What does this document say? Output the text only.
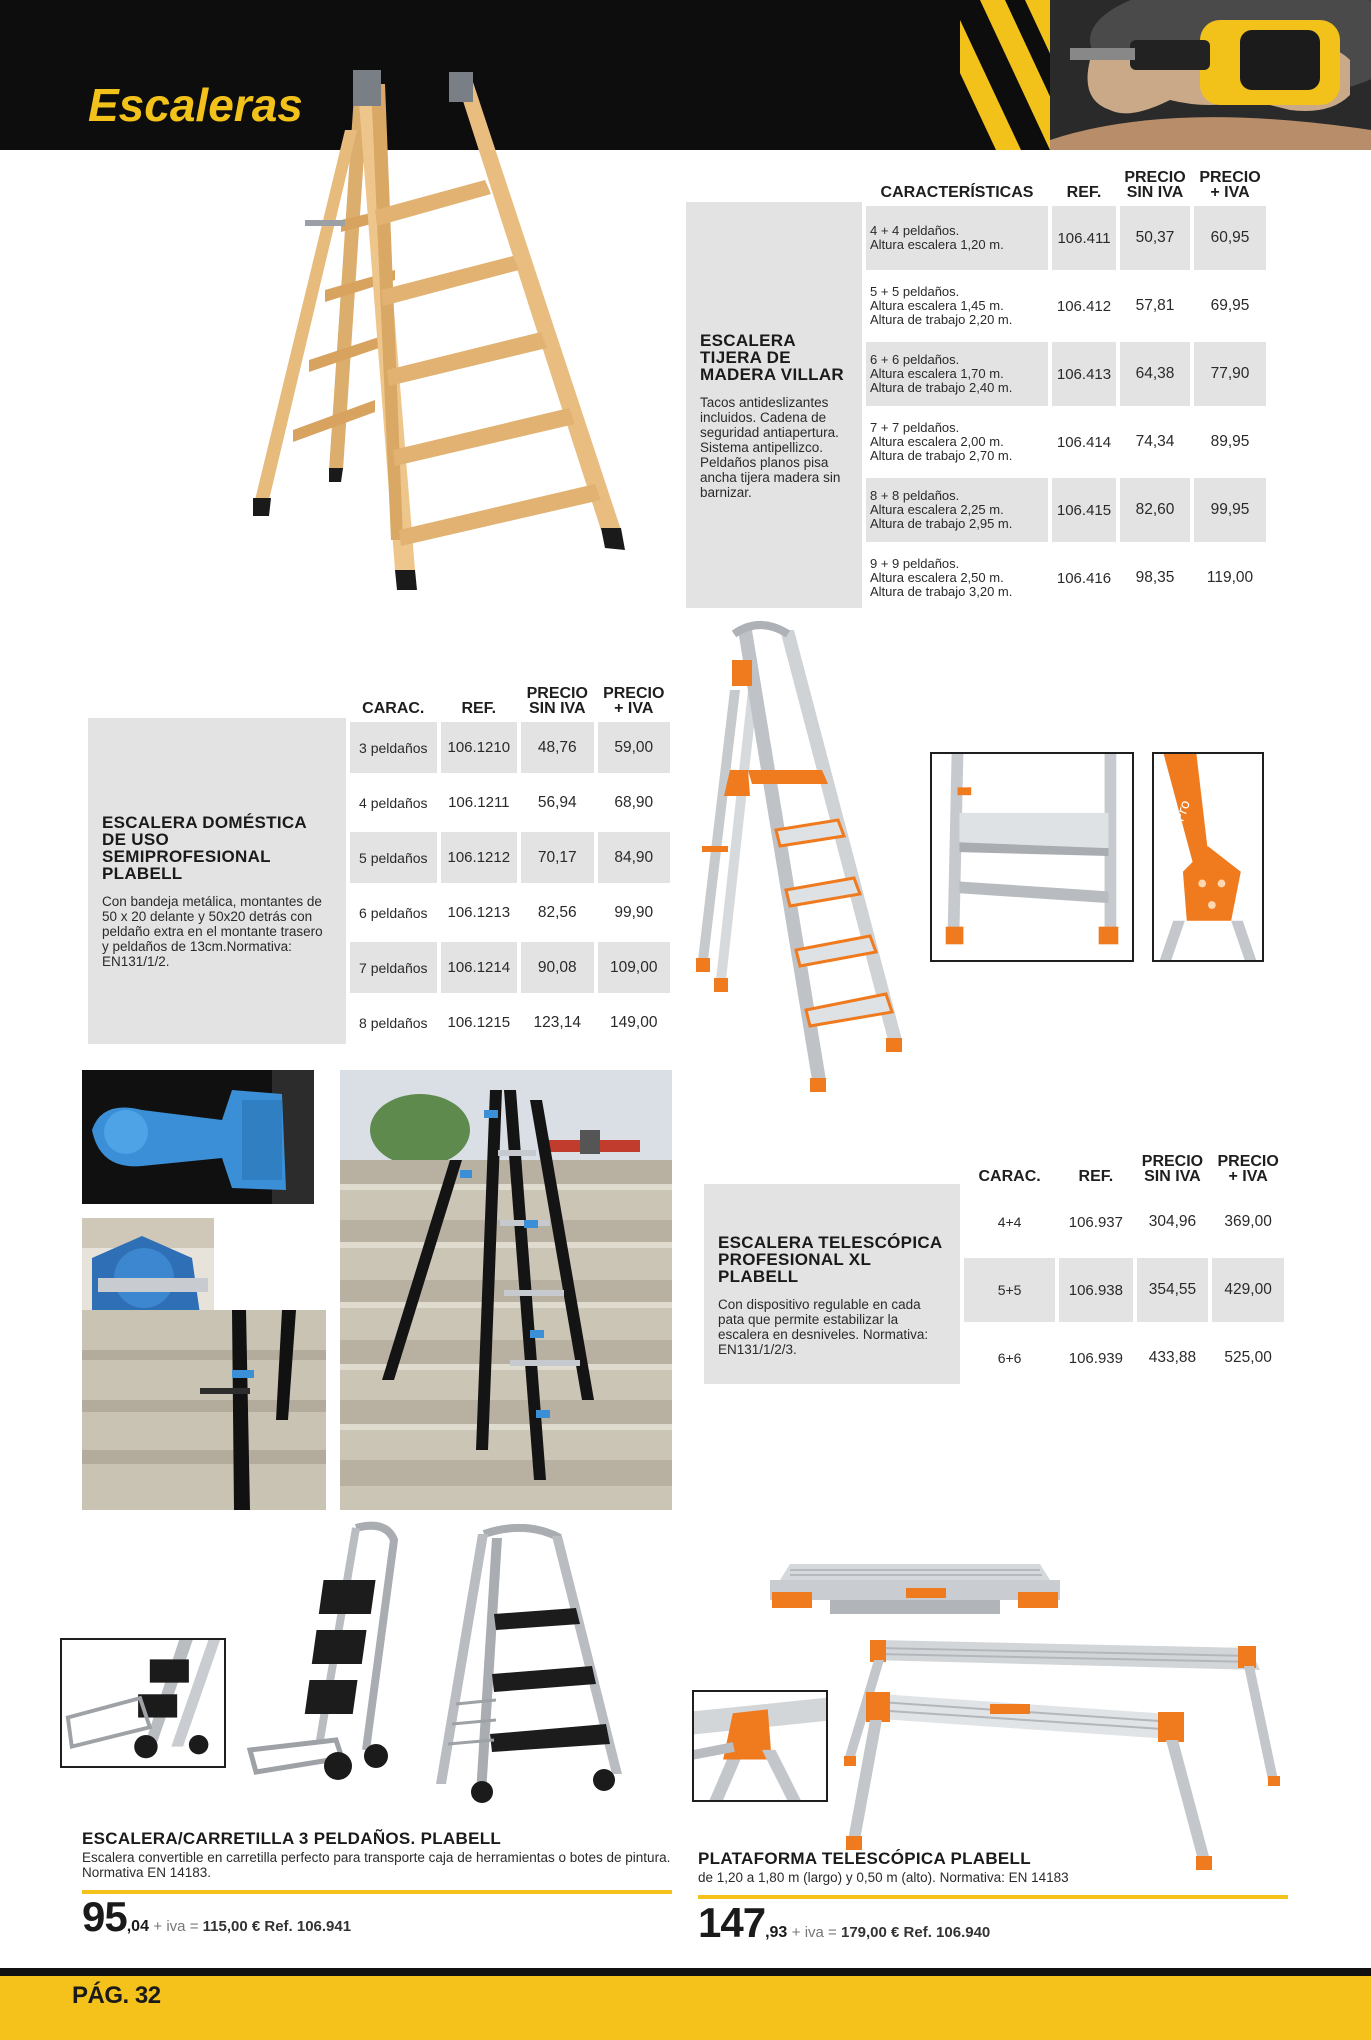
Escaleras
ESCALERA TIJERA DE MADERA VILLAR
Tacos antideslizantes incluidos. Cadena de seguridad antiapertura. Sistema antipellizco. Peldaños planos pisa ancha tijera madera sin barnizar.
CARACTERÍSTICAS	REF.	PRECIO SIN IVA	PRECIO + IVA
4 + 4 peldaños.
Altura escalera 1,20 m.	106.411	50,37	60,95
5 + 5 peldaños.
Altura escalera 1,45 m.
Altura de trabajo 2,20 m.	106.412	57,81	69,95
6 + 6 peldaños.
Altura escalera 1,70 m.
Altura de trabajo 2,40 m.	106.413	64,38	77,90
7 + 7 peldaños.
Altura escalera 2,00 m.
Altura de trabajo 2,70 m.	106.414	74,34	89,95
8 + 8 peldaños.
Altura escalera 2,25 m.
Altura de trabajo 2,95 m.	106.415	82,60	99,95
9 + 9 peldaños.
Altura escalera 2,50 m.
Altura de trabajo 3,20 m.	106.416	98,35	119,00
ESCALERA DOMÉSTICA DE USO SEMIPROFESIONAL PLABELL
Con bandeja metálica, montantes de 50 x 20 delante y 50x20 detrás con peldaño extra en el montante trasero y peldaños de 13cm.Normativa: EN131/1/2.
CARAC.	REF.	PRECIO SIN IVA	PRECIO + IVA
3 peldaños	106.1210	48,76	59,00
4 peldaños	106.1211	56,94	68,90
5 peldaños	106.1212	70,17	84,90
6 peldaños	106.1213	82,56	99,90
7 peldaños	106.1214	90,08	109,00
8 peldaños	106.1215	123,14	149,00
Pro
ESCALERA TELESCÓPICA PROFESIONAL XL PLABELL
Con dispositivo regulable en cada pata que permite estabilizar la escalera en desniveles. Normativa: EN131/1/2/3.
CARAC.	REF.	PRECIO SIN IVA	PRECIO + IVA
4+4	106.937	304,96	369,00
5+5	106.938	354,55	429,00
6+6	106.939	433,88	525,00
ESCALERA/CARRETILLA 3 PELDAÑOS. PLABELL
Escalera convertible en carretilla perfecto para transporte caja de herramientas o botes de pintura. Normativa EN 14183.
95,04 + iva = 115,00 € Ref. 106.941
PLATAFORMA TELESCÓPICA PLABELL
de 1,20 a 1,80 m (largo) y 0,50 m (alto). Normativa: EN 14183
147,93 + iva = 179,00 € Ref. 106.940
PÁG. 32
